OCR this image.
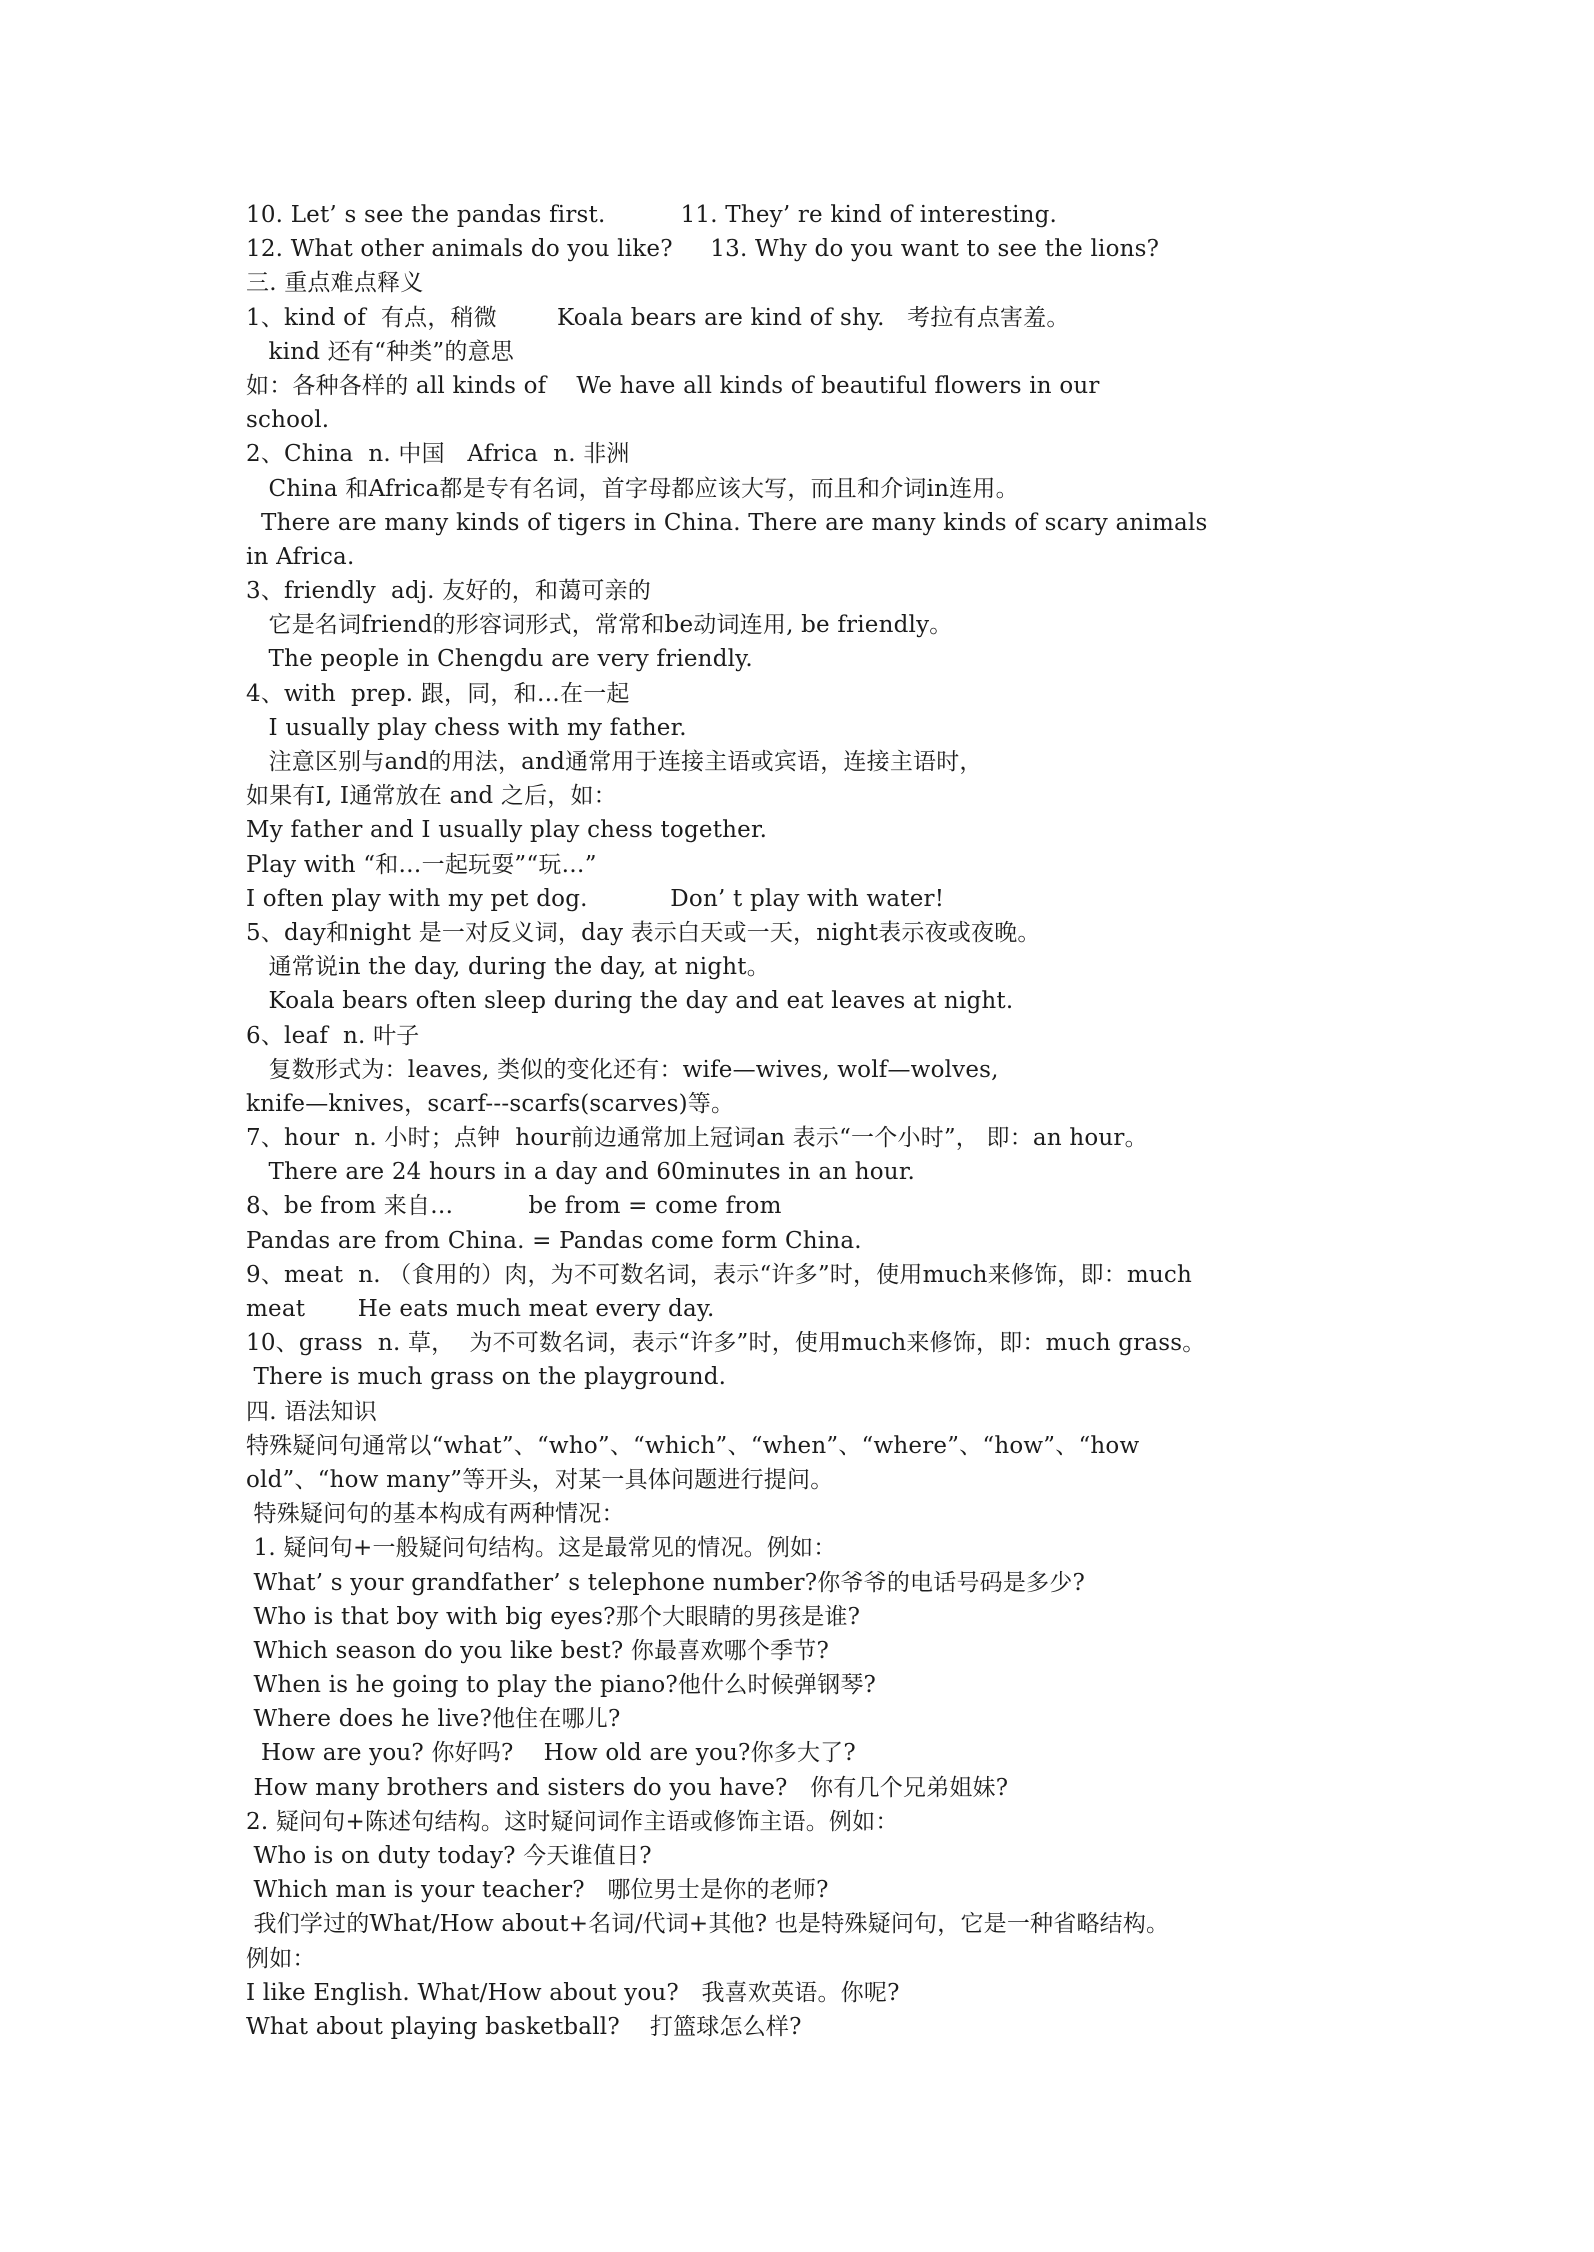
10. Let’ s see the pandas first.          11. They’ re kind of interesting.
12. What other animals do you like?     13. Why do you want to see the lions?
三. 重点难点释义
1、kind of  有点，稍微        Koala bears are kind of shy.   考拉有点害羞。
kind 还有“种类”的意思
如：各种各样的 all kinds of    We have all kinds of beautiful flowers in our
school.
2、China  n. 中国   Africa  n. 非洲
China 和Africa都是专有名词，首字母都应该大写，而且和介词in连用。
There are many kinds of tigers in China. There are many kinds of scary animals
in Africa.
3、friendly  adj. 友好的，和蔼可亲的
它是名词friend的形容词形式，常常和be动词连用, be friendly。
The people in Chengdu are very friendly.
4、with  prep. 跟，同，和…在一起
I usually play chess with my father.
注意区别与and的用法，and通常用于连接主语或宾语，连接主语时，
如果有I, I通常放在 and 之后，如：
My father and I usually play chess together.
Play with “和…一起玩耍”“玩…”
I often play with my pet dog.           Don’ t play with water!
5、day和night 是一对反义词，day 表示白天或一天，night表示夜或夜晚。
通常说in the day, during the day, at night。
Koala bears often sleep during the day and eat leaves at night.
6、leaf  n. 叶子
复数形式为：leaves, 类似的变化还有：wife—wives, wolf—wolves,
knife—knives，scarf---scarfs(scarves)等。
7、hour  n. 小时；点钟  hour前边通常加上冠词an 表示“一个小时”， 即：an hour。
There are 24 hours in a day and 60minutes in an hour.
8、be from 来自…          be from = come from
Pandas are from China. = Pandas come form China.
9、meat  n. （食用的）肉，为不可数名词，表示“许多”时，使用much来修饰，即：much
meat       He eats much meat every day.
10、grass  n. 草，  为不可数名词，表示“许多”时，使用much来修饰，即：much grass。
There is much grass on the playground.
四. 语法知识
特殊疑问句通常以“what”、“who”、“which”、“when”、“where”、“how”、“how
old”、“how many”等开头，对某一具体问题进行提问。
特殊疑问句的基本构成有两种情况：
1. 疑问句+一般疑问句结构。这是最常见的情况。例如：
What’ s your grandfather’ s telephone number?你爷爷的电话号码是多少?
Who is that boy with big eyes?那个大眼睛的男孩是谁?
Which season do you like best? 你最喜欢哪个季节?
When is he going to play the piano?他什么时候弹钢琴?
Where does he live?他住在哪儿?
How are you? 你好吗?    How old are you?你多大了?
How many brothers and sisters do you have?   你有几个兄弟姐妹?
2. 疑问句+陈述句结构。这时疑问词作主语或修饰主语。例如：
Who is on duty today? 今天谁值日?
Which man is your teacher?   哪位男士是你的老师?
我们学过的What/How about+名词/代词+其他? 也是特殊疑问句，它是一种省略结构。
例如：
I like English. What/How about you?   我喜欢英语。你呢?
What about playing basketball?    打篮球怎么样?
